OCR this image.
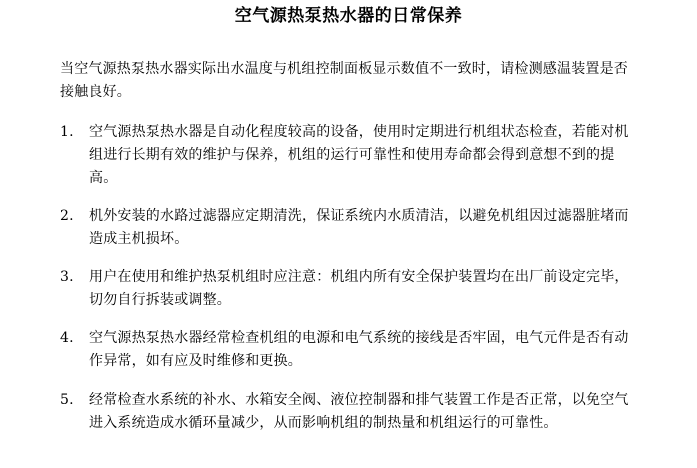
空气源热泵热水器的日常保养
当空气源热泵热水器实际出水温度与机组控制面板显示数值不一致时，请检测感温装置是否接触良好。
1.	空气源热泵热水器是自动化程度较高的设备，使用时定期进行机组状态检查，若能对机组进行长期有效的维护与保养，机组的运行可靠性和使用寿命都会得到意想不到的提高。
2.	机外安装的水路过滤器应定期清洗，保证系统内水质清洁，以避免机组因过滤器脏堵而造成主机损坏。
3.	用户在使用和维护热泵机组时应注意：机组内所有安全保护装置均在出厂前设定完毕，切勿自行拆装或调整。
4.	空气源热泵热水器经常检查机组的电源和电气系统的接线是否牢固，电气元件是否有动作异常，如有应及时维修和更换。
5.	经常检查水系统的补水、水箱安全阀、液位控制器和排气装置工作是否正常，以免空气进入系统造成水循环量减少，从而影响机组的制热量和机组运行的可靠性。
